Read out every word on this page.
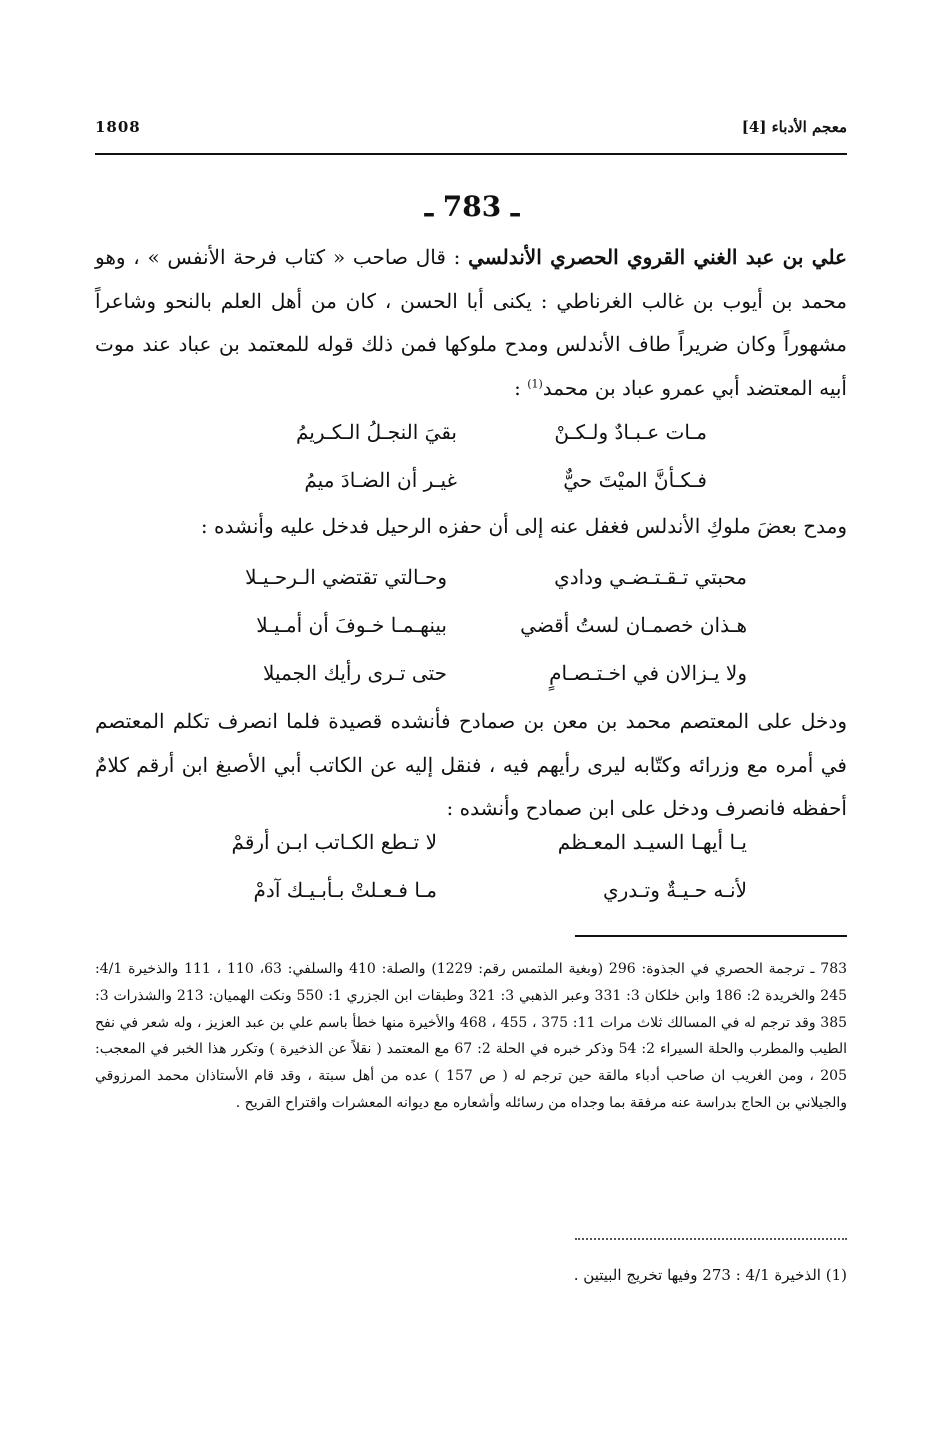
معجم الأدباء [4]
1808
ـ 783 ـ
علي بن عبد الغني القروي الحصري الأندلسي : قال صاحب « كتاب فرحة الأنفس » ، وهو محمد بن أيوب بن غالب الغرناطي : يكنى أبا الحسن ، كان من أهل العلم بالنحو وشاعراً مشهوراً وكان ضريراً طاف الأندلس ومدح ملوكها فمن ذلك قوله للمعتمد بن عباد عند موت أبيه المعتضد أبي عمرو عباد بن محمد$^{(1)}$ :
مـات عـبـادٌ ولـكـنْ
بقيَ النجـلُ الـكـريمُ
فـكـأنَّ الميْتَ حيٌّ
غيـر أن الضـادَ ميمُ
ومدح بعضَ ملوكِ الأندلس فغفل عنه إلى أن حفزه الرحيل فدخل عليه وأنشده :
محبتي تـقـتـضـي ودادي
وحـالتي تقتضي الـرحـيـلا
هـذان خصمـان لستُ أقضي
بينهـمـا خـوفَ أن أمـيـلا
ولا يـزالان في اخـتـصـامٍ
حتى تـرى رأيك الجميلا
ودخل على المعتصم محمد بن معن بن صمادح فأنشده قصيدة فلما انصرف تكلم المعتصم في أمره مع وزرائه وكتّابه ليرى رأيهم فيه ، فنقل إليه عن الكاتب أبي الأصبغ ابن أرقم كلامٌ أحفظه فانصرف ودخل على ابن صمادح وأنشده :
يـا أيهـا السيـد المعـظم
لا تـطع الكـاتب ابـن أرقمْ
لأنـه حـيـةٌ وتـدري
مـا فـعـلتْ بـأبـيـك آدمْ
783 ـ ترجمة الحصري في الجذوة: 296 (وبغية الملتمس رقم: 1229) والصلة: 410 والسلفي: 63، 110 ، 111 والذخيرة 4/1: 245 والخريدة 2: 186 وابن خلكان 3: 331 وعبر الذهبي 3: 321 وطبقات ابن الجزري 1: 550 ونكت الهميان: 213 والشذرات 3: 385 وقد ترجم له في المسالك ثلاث مرات 11: 375 ، 455 ، 468 والأخيرة منها خطأ باسم علي بن عبد العزيز ، وله شعر في نفح الطيب والمطرب والحلة السيراء 2: 54 وذكر خبره في الحلة 2: 67 مع المعتمد ( نقلاً عن الذخيرة ) وتكرر هذا الخبر في المعجب: 205 ، ومن الغريب ان صاحب أدباء مالقة حين ترجم له ( ص 157 ) عده من أهل سبتة ، وقد قام الأستاذان محمد المرزوقي والجيلاني بن الحاج بدراسة عنه مرفقة بما وجداه من رسائله وأشعاره مع ديوانه المعشرات واقتراح القريح .
(1) الذخيرة 4/1 : 273 وفيها تخريج البيتين .
